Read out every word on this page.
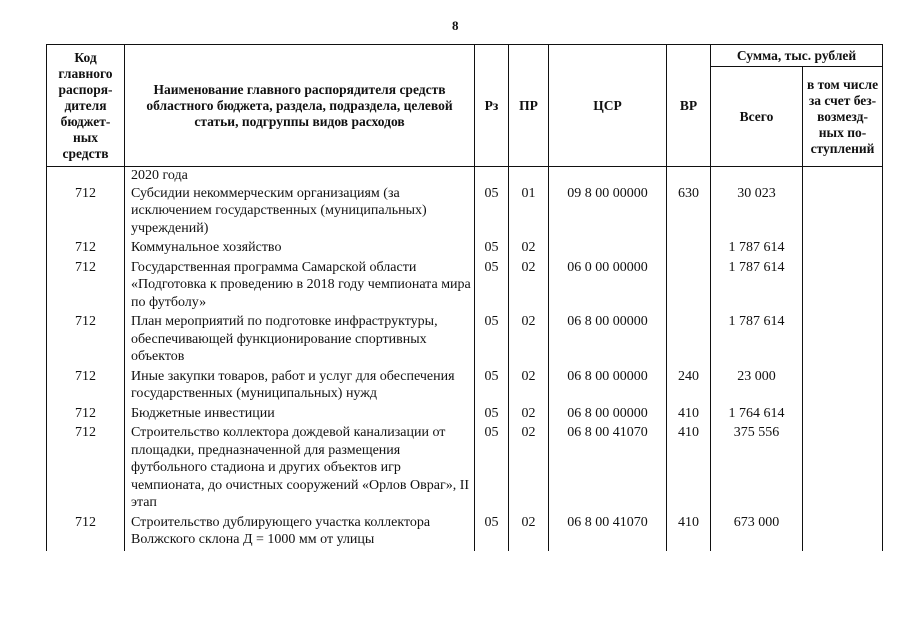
8
Код главного распоря-дителя бюджет-ных средств	Наименование главного распорядителя средств областного бюджета, раздела, подраздела, целевой статьи, подгруппы видов расходов	Рз	ПР	ЦСР	ВР	Сумма, тыс. рублей	
						Всего	в том числе за счет без-возмезд-ных по-ступлений
	2020 года						
712	Субсидии некоммерческим организациям (за исключением государственных (муниципальных) учреждений)	05	01	09 8 00 00000	630	30 023	
712	Коммунальное хозяйство	05	02			1 787 614	
712	Государственная программа Самарской области «Подготовка к проведению в 2018 году чемпионата мира по футболу»	05	02	06 0 00 00000		1 787 614	
712	План мероприятий по подготовке инфраструктуры, обеспечивающей функционирование спортивных объектов	05	02	06 8 00 00000		1 787 614	
712	Иные закупки товаров, работ и услуг для обеспечения государственных (муниципальных) нужд	05	02	06 8 00 00000	240	23 000	
712	Бюджетные инвестиции	05	02	06 8 00 00000	410	1 764 614	
712	Строительство коллектора дождевой канализации от площадки, предназначенной для размещения футбольного стадиона и других объектов игр чемпионата, до очистных сооружений «Орлов Овраг», II этап	05	02	06 8 00 41070	410	375 556	
712	Строительство дублирующего участка коллектора Волжского склона Д = 1000 мм от улицы	05	02	06 8 00 41070	410	673 000	
